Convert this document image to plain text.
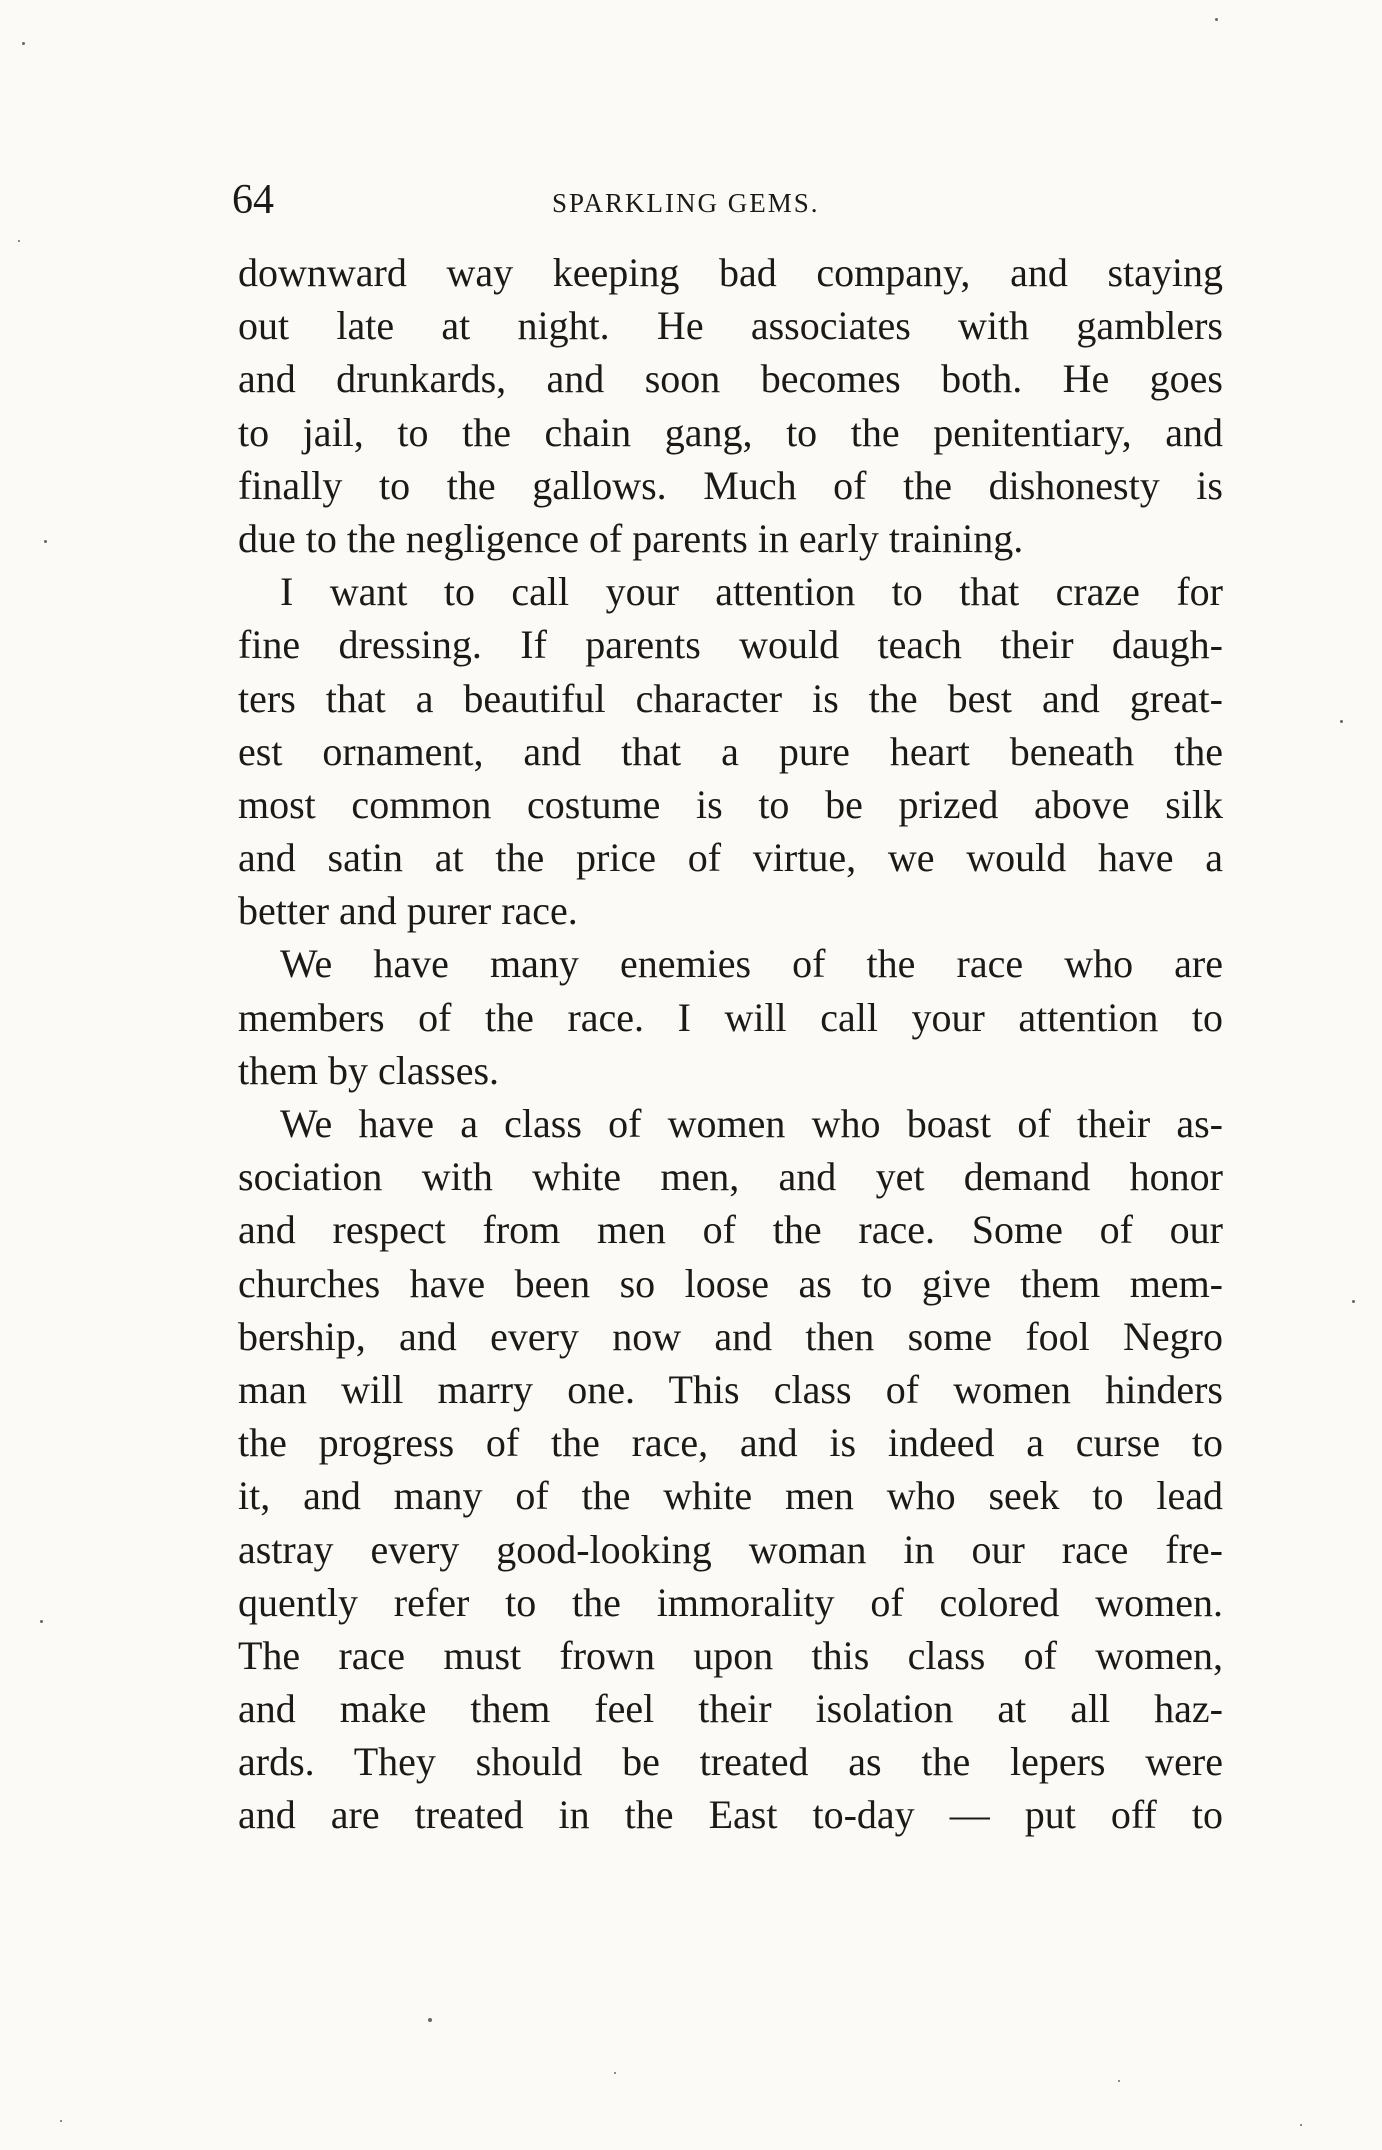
64	SPARKLING GEMS.
downward way keeping bad company, and staying
out late at night. He associates with gamblers
and drunkards, and soon becomes both. He goes
to jail, to the chain gang, to the penitentiary, and
finally to the gallows. Much of the dishonesty is
due to the negligence of parents in early training.
I want to call your attention to that craze for
fine dressing. If parents would teach their daugh-
ters that a beautiful character is the best and great-
est ornament, and that a pure heart beneath the
most common costume is to be prized above silk
and satin at the price of virtue, we would have a
better and purer race.
We have many enemies of the race who are
members of the race. I will call your attention to
them by classes.
We have a class of women who boast of their as-
sociation with white men, and yet demand honor
and respect from men of the race. Some of our
churches have been so loose as to give them mem-
bership, and every now and then some fool Negro
man will marry one. This class of women hinders
the progress of the race, and is indeed a curse to
it, and many of the white men who seek to lead
astray every good-looking woman in our race fre-
quently refer to the immorality of colored women.
The race must frown upon this class of women,
and make them feel their isolation at all haz-
ards. They should be treated as the lepers were
and are treated in the East to-day — put off to
